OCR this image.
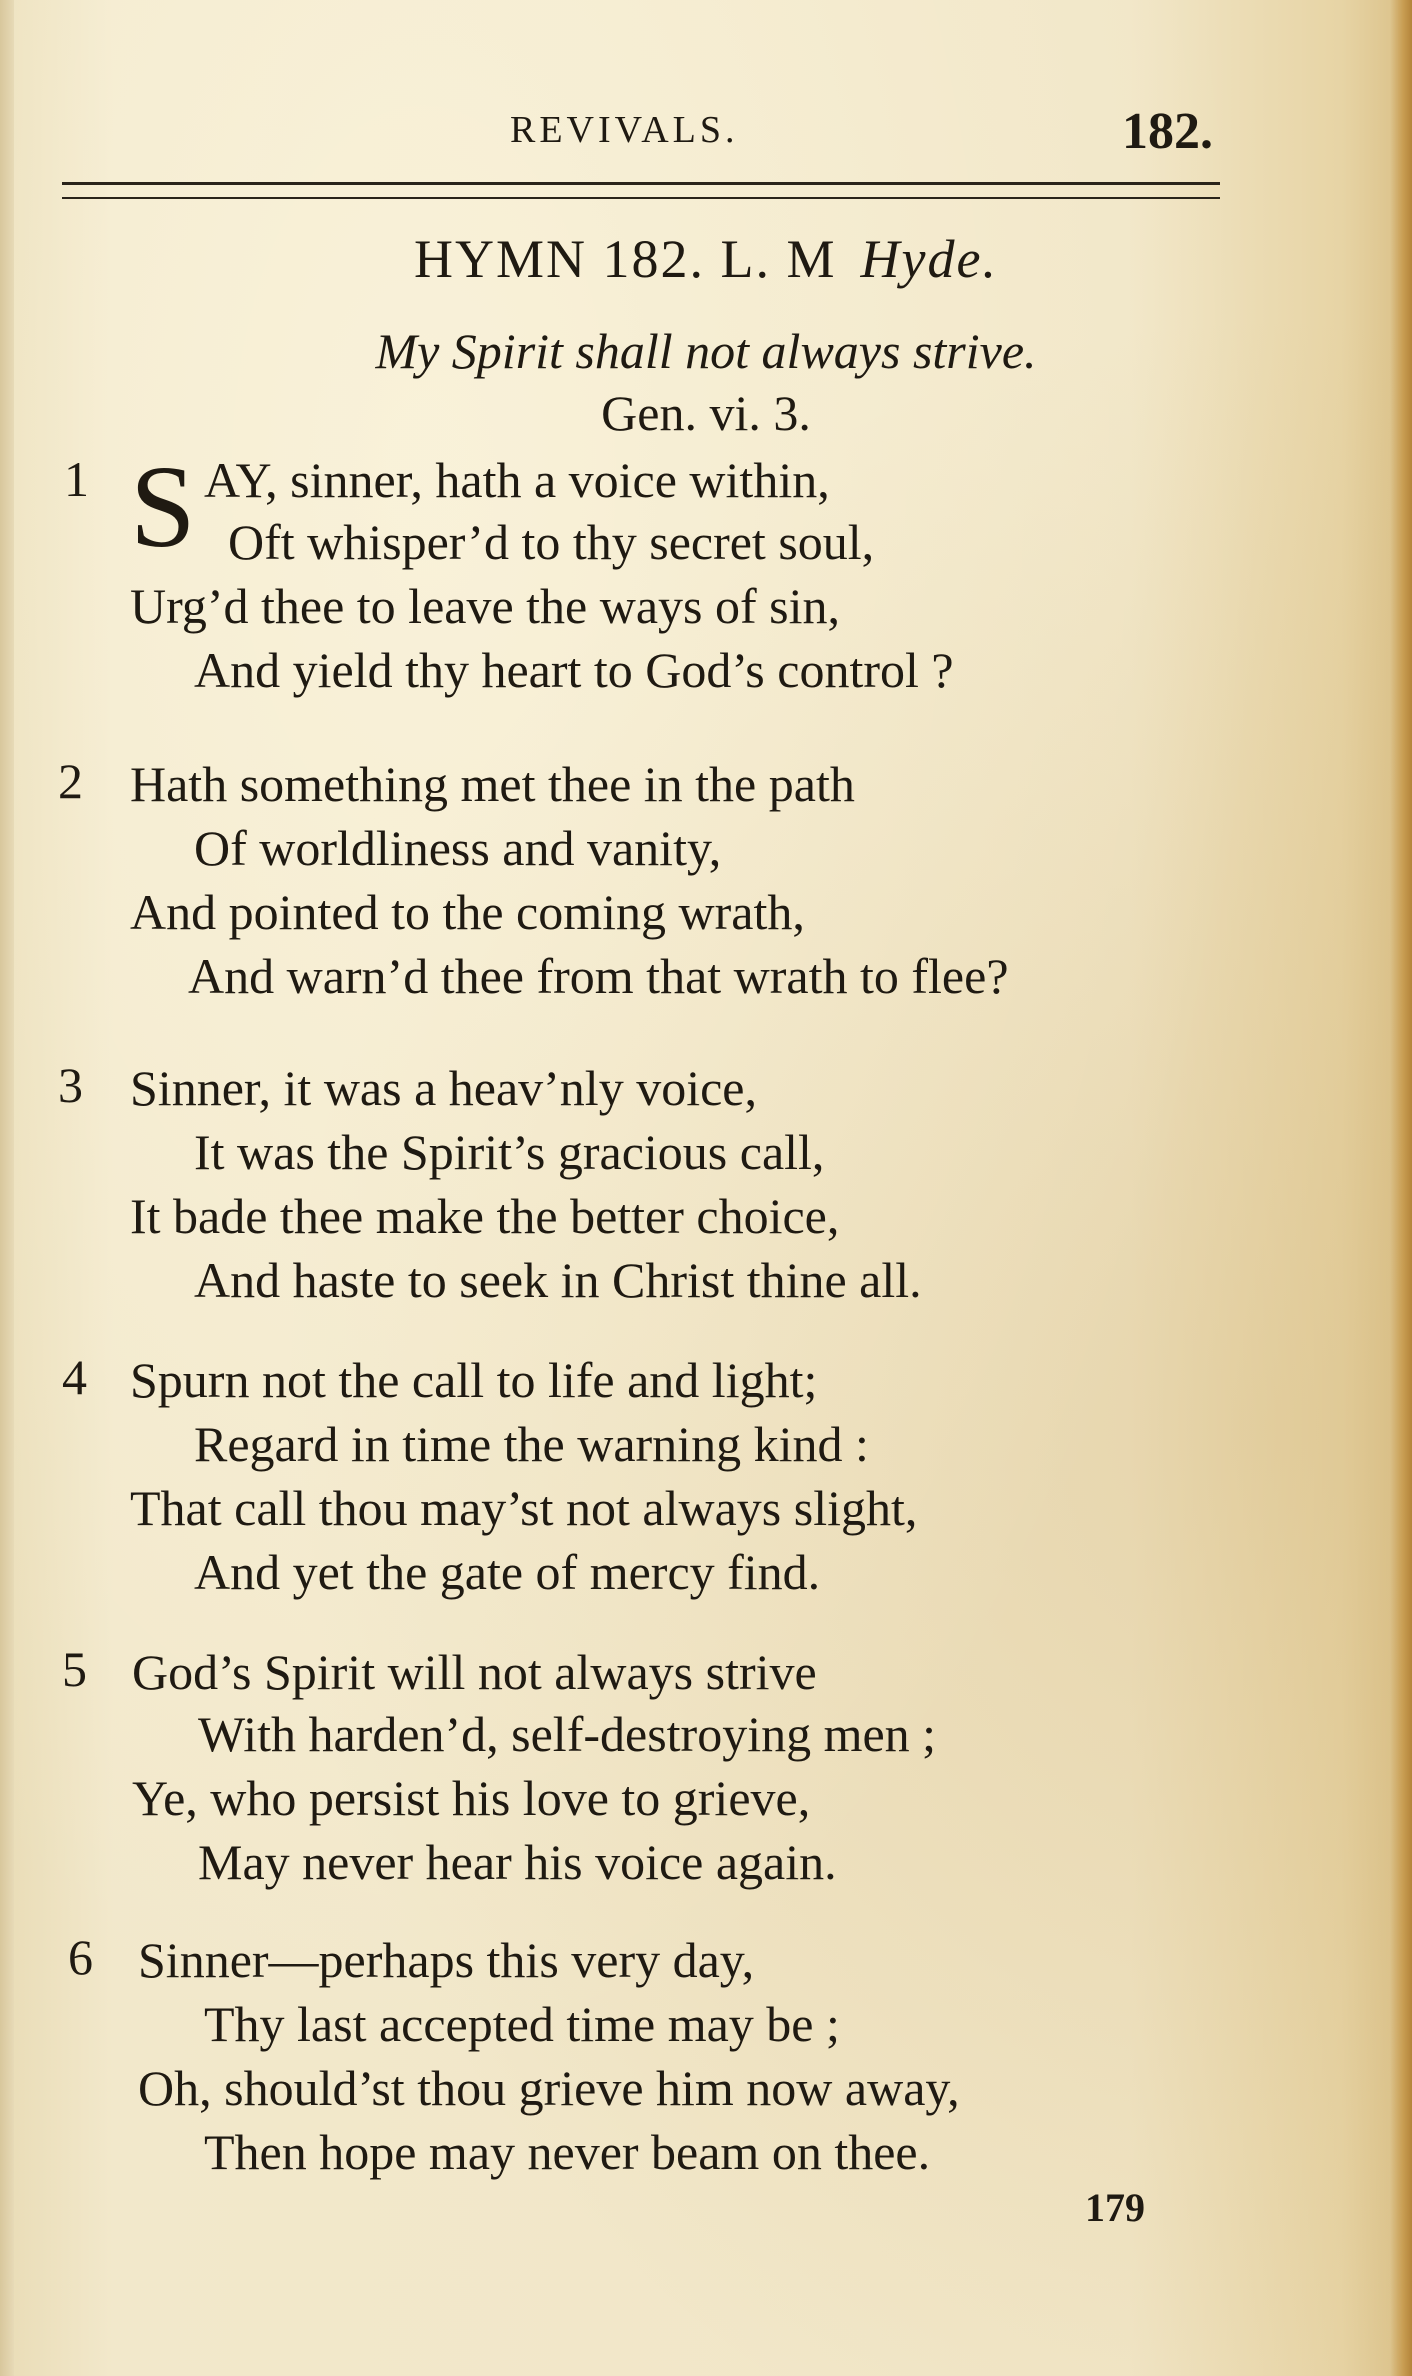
REVIVALS.	182.
HYMN 182. L. M Hyde.
My Spirit shall not always strive.
Gen. vi. 3.
1 S AY, sinner, hath a voice within,
Oft whisper’d to thy secret soul,
Urg’d thee to leave the ways of sin,
And yield thy heart to God’s control ?
2 Hath something met thee in the path
Of worldliness and vanity,
And pointed to the coming wrath,
And warn’d thee from that wrath to flee?
3 Sinner, it was a heav’nly voice,
It was the Spirit’s gracious call,
It bade thee make the better choice,
And haste to seek in Christ thine all.
4 Spurn not the call to life and light;
Regard in time the warning kind :
That call thou may’st not always slight,
And yet the gate of mercy find.
5 God’s Spirit will not always strive
With harden’d, self-destroying men ;
Ye, who persist his love to grieve,
May never hear his voice again.
6 Sinner—perhaps this very day,
Thy last accepted time may be ;
Oh, should’st thou grieve him now away,
Then hope may never beam on thee.
179
